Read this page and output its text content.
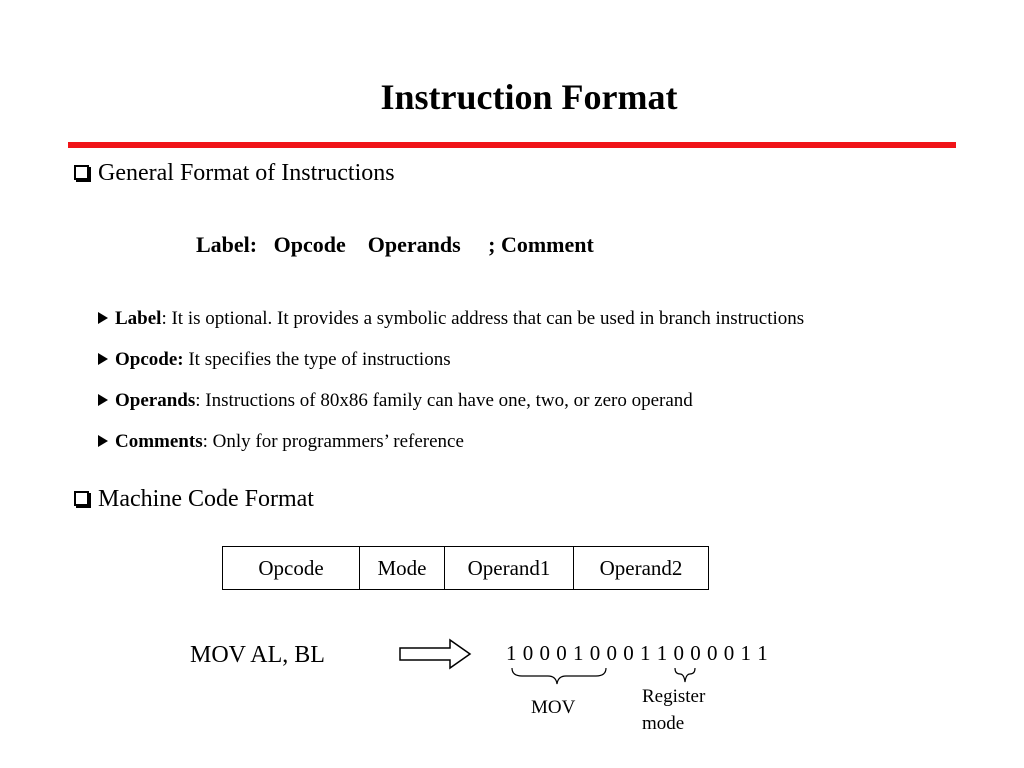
Instruction Format
General Format of Instructions
Label:   Opcode    Operands     ; Comment
Label: It is optional. It provides a symbolic address that can be used in branch instructions
Opcode: It specifies the type of instructions
Operands: Instructions of 80x86 family can have one, two, or zero operand
Comments: Only for programmers’ reference
Machine Code Format
Opcode	Mode	Operand1	Operand2
MOV AL, BL	1 0 0 0 1 0 0 0 1 1 0 0 0 0 1 1
MOV
Register
mode
